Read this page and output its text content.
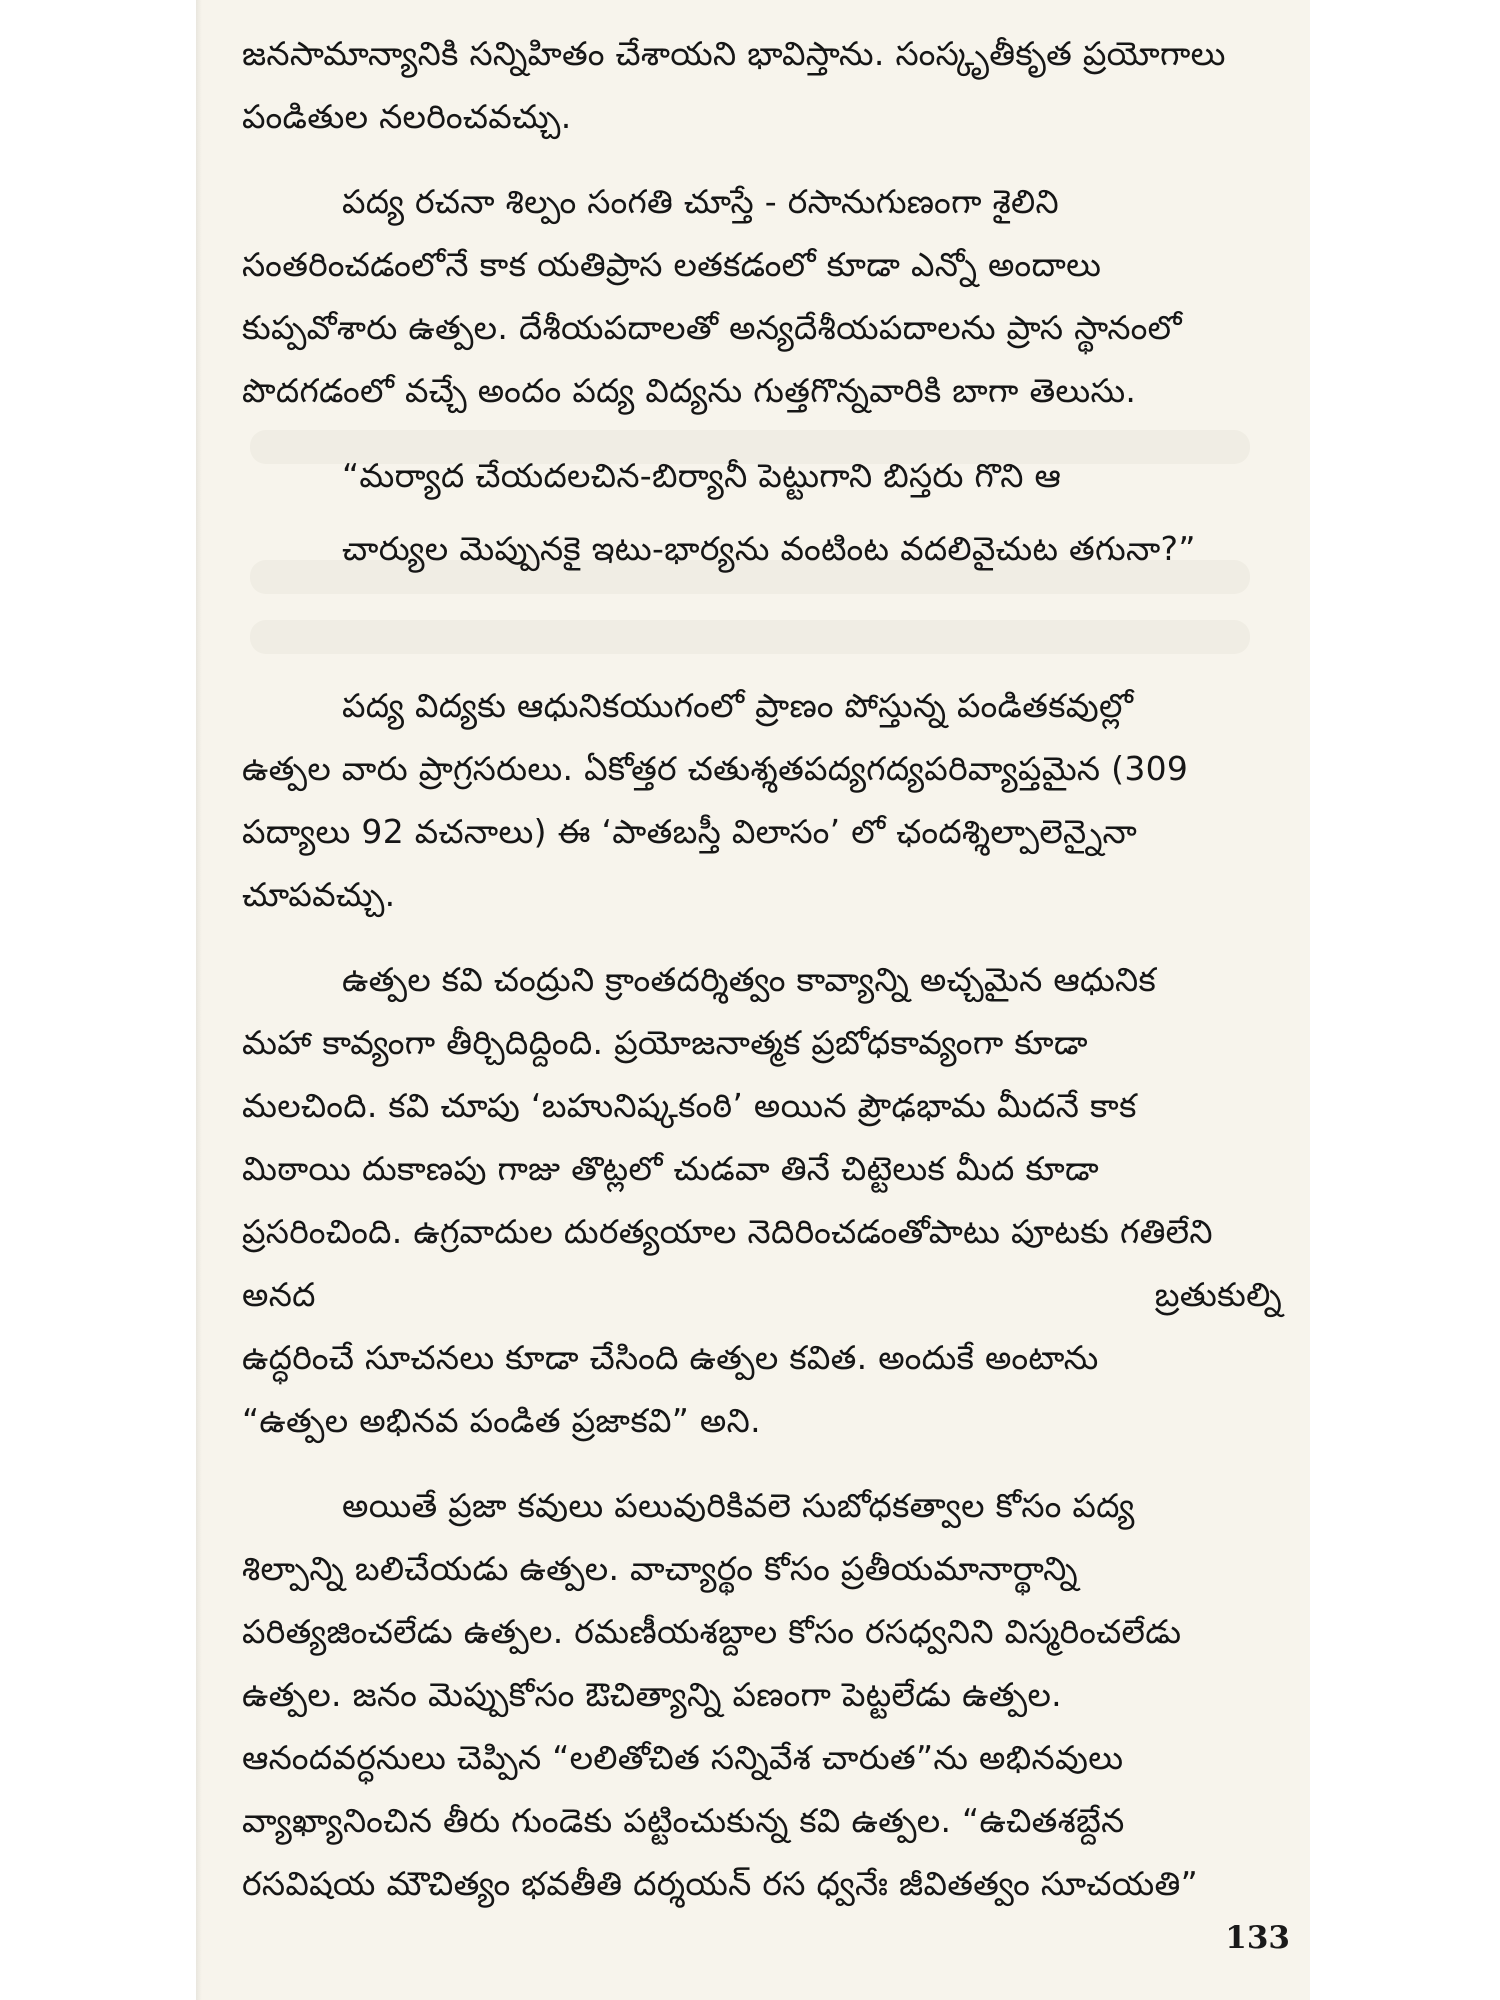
జనసామాన్యానికి సన్నిహితం చేశాయని భావిస్తాను. సంస్కృతీకృత ప్రయోగాలు
పండితుల నలరించవచ్చు.
పద్య రచనా శిల్పం సంగతి చూస్తే - రసానుగుణంగా శైలిని
సంతరించడంలోనే కాక యతిప్రాస లతకడంలో కూడా ఎన్నో అందాలు
కుప్పవోశారు ఉత్పల. దేశీయపదాలతో అన్యదేశీయపదాలను ప్రాస స్థానంలో
పొదగడంలో వచ్చే అందం పద్య విద్యను గుత్తగొన్నవారికి బాగా తెలుసు.
“మర్యాద చేయదలచిన-బిర్యానీ పెట్టుగాని బిస్తరు గొని ఆ
చార్యుల మెప్పునకై ఇటు-భార్యను వంటింట వదలివైచుట తగునా?”
పద్య విద్యకు ఆధునికయుగంలో ప్రాణం పోస్తున్న పండితకవుల్లో
ఉత్పల వారు ప్రాగ్రసరులు. ఏకోత్తర చతుశ్శతపద్యగద్యపరివ్యాప్తమైన (309
పద్యాలు 92 వచనాలు) ఈ ‘పాతబస్తీ విలాసం’ లో ఛందశ్శిల్పాలెన్నైనా
చూపవచ్చు.
ఉత్పల కవి చంద్రుని క్రాంతదర్శిత్వం కావ్యాన్ని అచ్చమైన ఆధునిక
మహా కావ్యంగా తీర్చిదిద్దింది. ప్రయోజనాత్మక ప్రబోధకావ్యంగా కూడా
మలచింది. కవి చూపు ‘బహునిష్కకంఠి’ అయిన ప్రౌఢభామ మీదనే కాక
మిఠాయి దుకాణపు గాజు తొట్లలో చుడవా తినే చిట్టెలుక మీద కూడా
ప్రసరించింది. ఉగ్రవాదుల దురత్యయాల నెదిరించడంతోపాటు పూటకు గతిలేని
అనద	బ్రతుకుల్ని
ఉద్ధరించే సూచనలు కూడా చేసింది ఉత్పల కవిత. అందుకే అంటాను
“ఉత్పల అభినవ పండిత ప్రజాకవి” అని.
అయితే ప్రజా కవులు పలువురికివలె సుబోధకత్వాల కోసం పద్య
శిల్పాన్ని బలిచేయడు ఉత్పల. వాచ్యార్థం కోసం ప్రతీయమానార్థాన్ని
పరిత్యజించలేడు ఉత్పల. రమణీయశబ్దాల కోసం రసధ్వనిని విస్మరించలేడు
ఉత్పల. జనం మెప్పుకోసం ఔచిత్యాన్ని పణంగా పెట్టలేడు ఉత్పల.
ఆనందవర్ధనులు చెప్పిన “లలితోచిత సన్నివేశ చారుత”ను అభినవులు
వ్యాఖ్యానించిన తీరు గుండెకు పట్టించుకున్న కవి ఉత్పల. “ఉచితశబ్దేన
రసవిషయ మౌచిత్యం భవతీతి దర్శయన్ రస ధ్వనేః జీవితత్వం సూచయతి”
133
